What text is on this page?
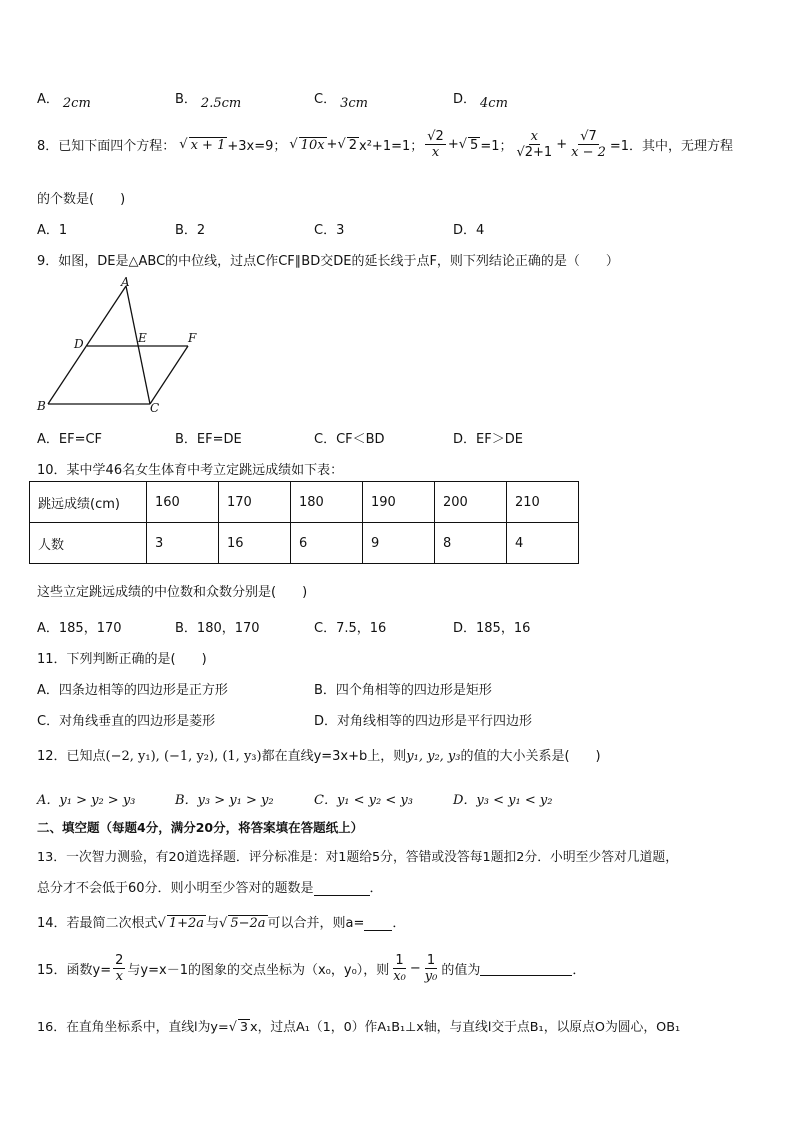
A． 2cm	B． 2.5cm	C． 3cm	D． 4cm
8．已知下面四个方程： √ x + 1 +3x=9； √ 10x + √ 2 x²+1=1； $\frac{√2}{x}$ + √ 5 =1； $\frac{x}{√2+1} + \frac{√7}{x - 2} =1$．其中，无理方程
的个数是(　　)
A．1	B．2	C．3	D．4
9．如图，DE是△ABC的中位线，过点C作CF∥BD交DE的延长线于点F，则下列结论正确的是（　　）
A
D	E	F
B	C
A．EF=CF	B．EF=DE	C．CF＜BD	D．EF＞DE
10．某中学46名女生体育中考立定跳远成绩如下表：
跳远成绩(cm)	160	170	180	190	200	210
人数	3	16	6	9	8	4
这些立定跳远成绩的中位数和众数分别是(　　)
A．185，170	B．180，170	C．7.5，16	D．185，16
11．下列判断正确的是(　　)
A．四条边相等的四边形是正方形	B．四个角相等的四边形是矩形
C．对角线垂直的四边形是菱形	D．对角线相等的四边形是平行四边形
12．已知点(−2, y₁), (−1, y₂), (1, y₃)都在直线y=3x+b上，则y₁, y₂, y₃的值的大小关系是(　　)
A．y₁ > y₂ > y₃	B．y₃ > y₁ > y₂	C．y₁ < y₂ < y₃	D．y₃ < y₁ < y₂
二、填空题（每题4分，满分20分，将答案填在答题纸上）
13．一次智力测验，有20道选择题．评分标准是：对1题给5分，答错或没答每1题扣2分．小明至少答对几道题，
总分才不会低于60分．则小明至少答对的题数是	．
14．若最简二次根式√ 1+2a 与√ 5−2a 可以合并，则a= ．
15．函数$y= \frac{2}{x}$ 与y=x－1的图象的交点坐标为（x₀，y₀），则 $\frac{1}{\text{x₀}} - \frac{1}{\text{y₀}}$ 的值为	．
16．在直角坐标系中，直线l为y=√ 3 x，过点A₁（1，0）作A₁B₁⊥x轴，与直线l交于点B₁，以原点O为圆心，OB₁
